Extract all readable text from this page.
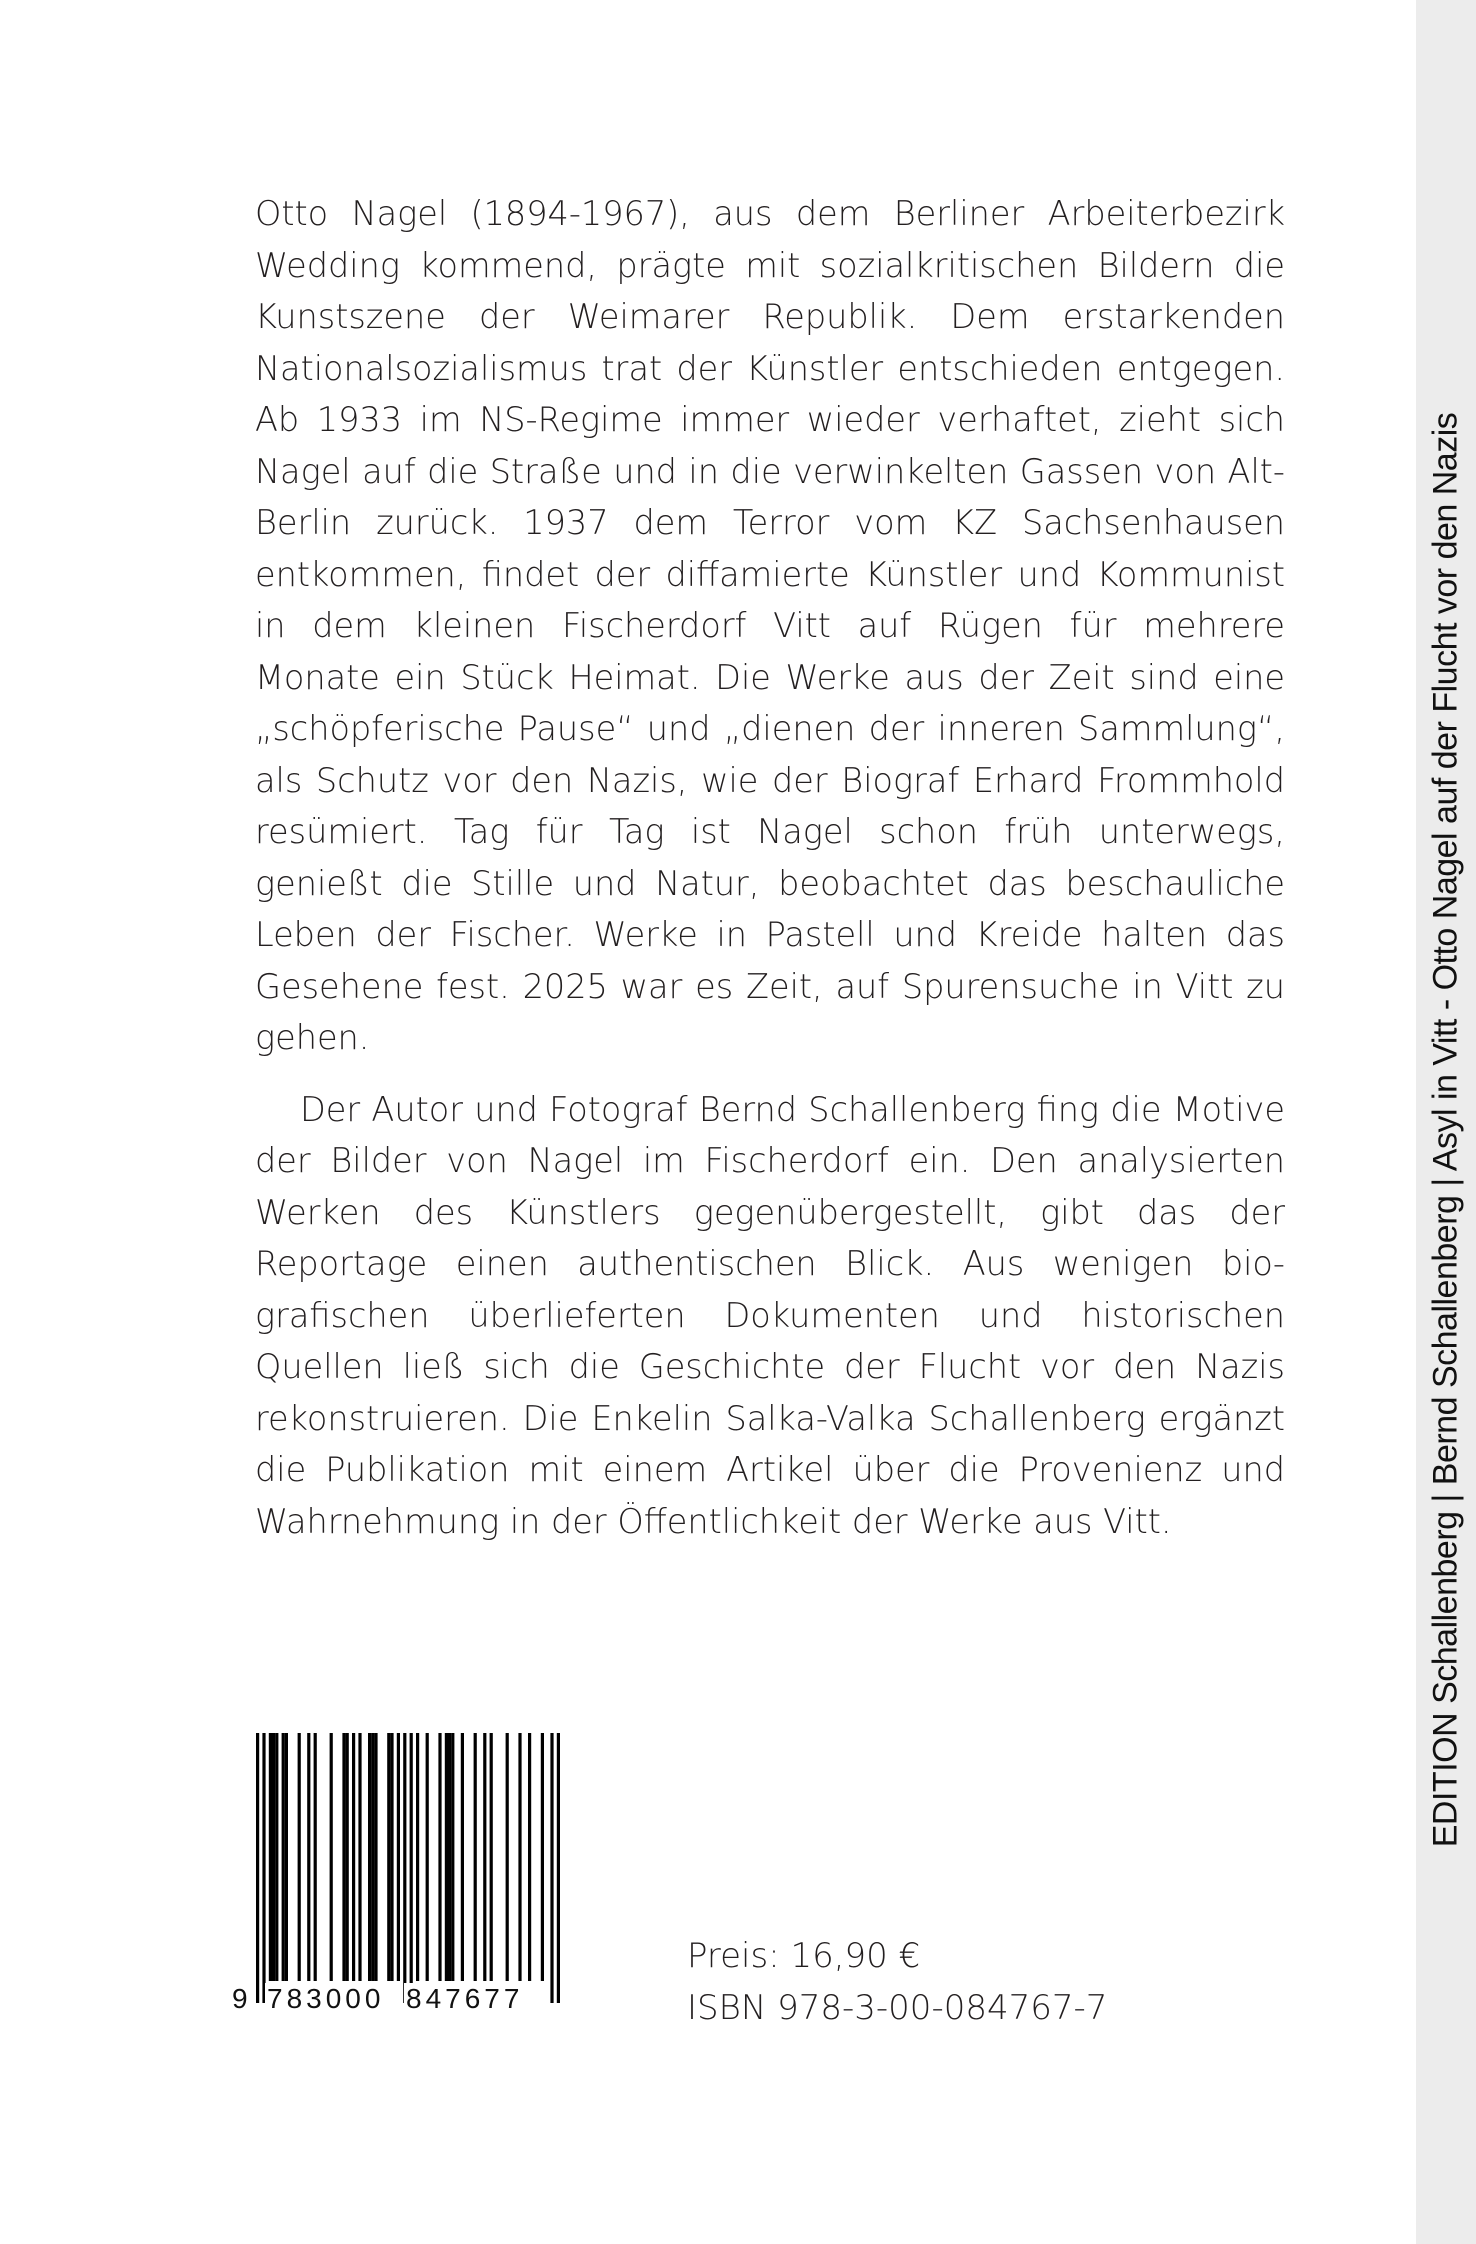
Otto Nagel (1894-1967), aus dem Berliner Arbeiterbezirk Wedding kommend, prägte mit sozialkritischen Bildern die Kunstszene der Weimarer Republik. Dem erstarkenden Nationalsozialismus trat der Künstler entschieden entgegen. Ab 1933 im NS-Regime immer wieder verhaftet, zieht sich Nagel auf die Straße und in die verwinkelten Gassen von Alt-Berlin zurück. 1937 dem Terror vom KZ Sachsenhausen entkommen, findet der diffamierte Künstler und Kommunist in dem kleinen Fischerdorf Vitt auf Rügen für mehrere Monate ein Stück Heimat. Die Werke aus der Zeit sind eine „schöpferische Pause“ und „dienen der inneren Sammlung“, als Schutz vor den Nazis, wie der Biograf Erhard Frommhold resümiert. Tag für Tag ist Nagel schon früh unterwegs, genießt die Stille und Natur, beobachtet das beschauliche Leben der Fischer. Werke in Pastell und Kreide halten das Gesehene fest. 2025 war es Zeit, auf Spurensuche in Vitt zu gehen.

Der Autor und Fotograf Bernd Schallenberg fing die Motive der Bilder von Nagel im Fischerdorf ein. Den analysierten Werken des Künstlers gegenübergestellt, gibt das der Reportage einen authentischen Blick. Aus wenigen biografischen überlieferten Dokumenten und historischen Quellen ließ sich die Geschichte der Flucht vor den Nazis rekonstruieren. Die Enkelin Salka-Valka Schallenberg ergänzt die Publikation mit einem Artikel über die Provenienz und Wahrnehmung in der Öffentlichkeit der Werke aus Vitt.

9 783000 847677
Preis: 16,90 €
ISBN 978-3-00-084767-7
EDITION Schallenberg | Bernd Schallenberg | Asyl in Vitt - Otto Nagel auf der Flucht vor den Nazis
